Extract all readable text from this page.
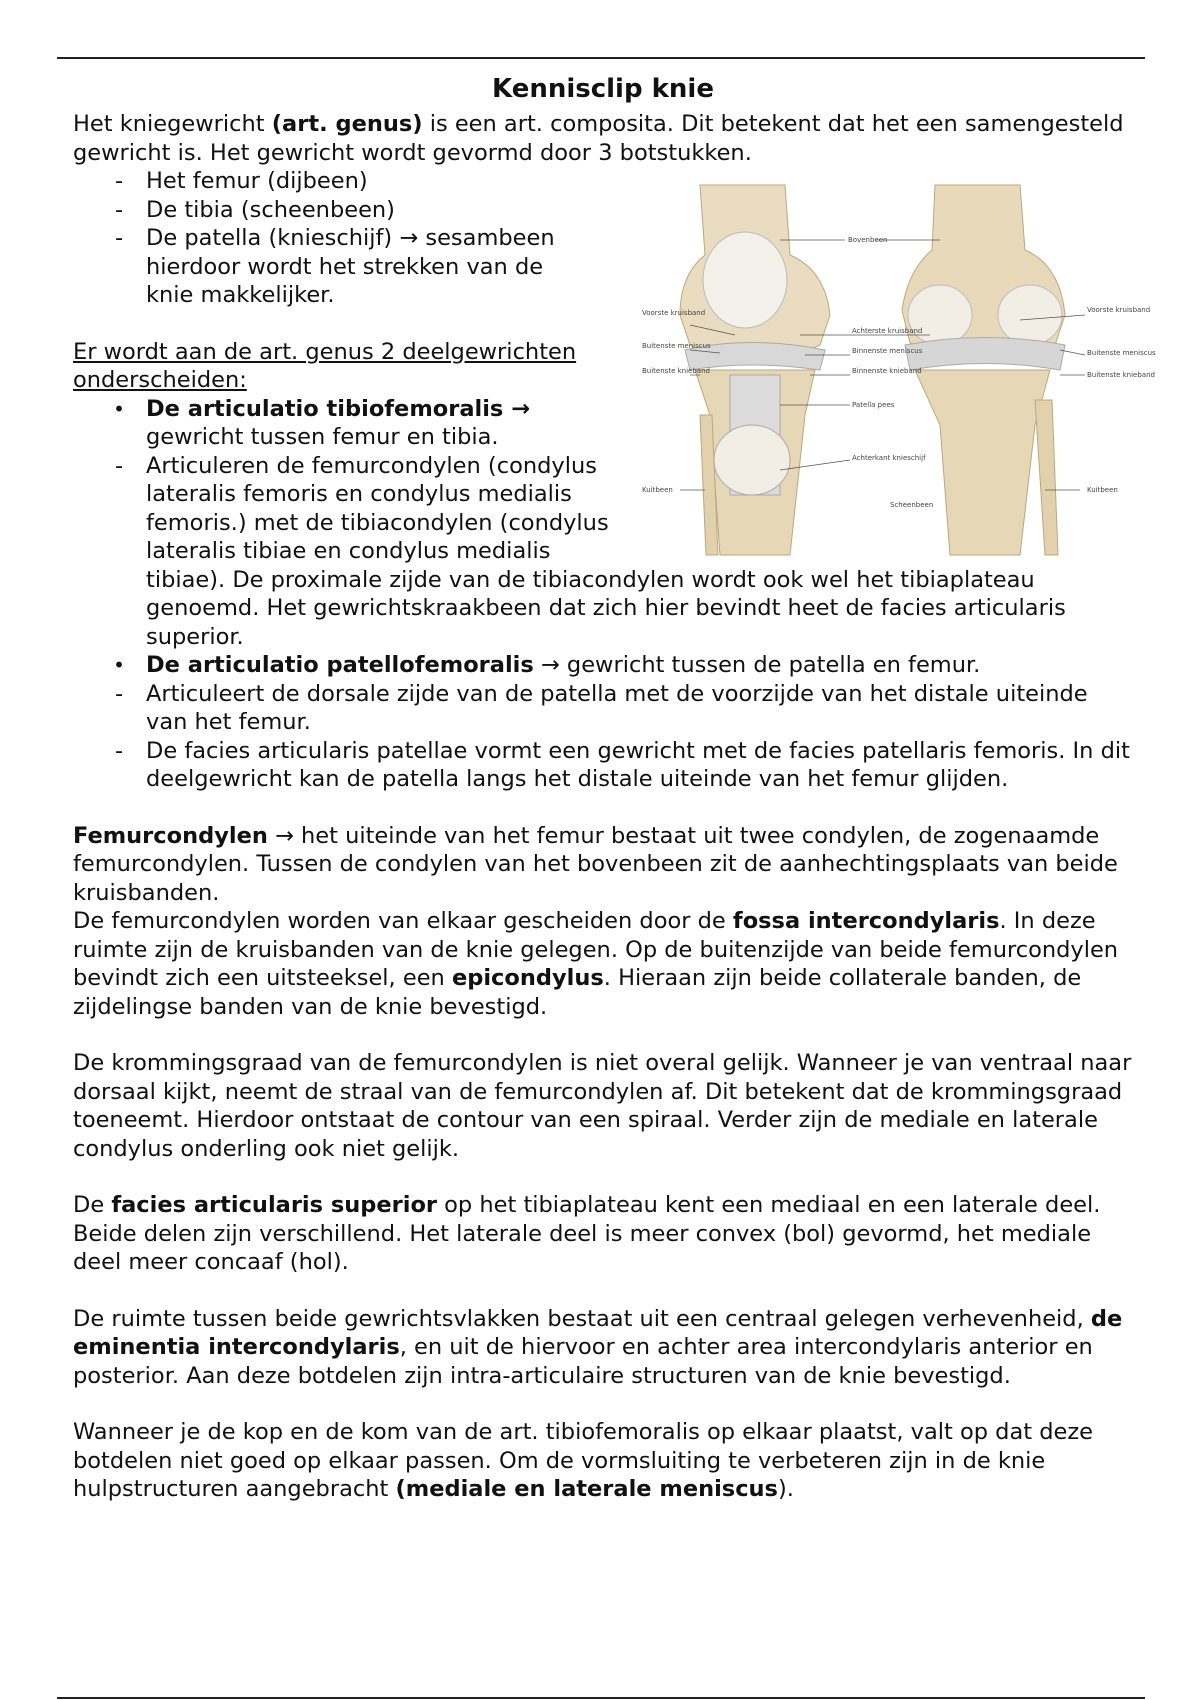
Kennisclip knie

Het kniegewricht (art. genus) is een art. composita. Dit betekent dat het een samengesteld gewricht is. Het gewricht wordt gevormd door 3 botstukken.

- Het femur (dijbeen)
- De tibia (scheenbeen)
- De patella (knieschijf) → sesambeen hierdoor wordt het strekken van de knie makkelijker.

Er wordt aan de art. genus 2 deelgewrichten onderscheiden:

• De articulatio tibiofemoralis → gewricht tussen femur en tibia.
- Articuleren de femurcondylen (condylus lateralis femoris en condylus medialis femoris.) met de tibiacondylen (condylus lateralis tibiae en condylus medialis tibiae). De proximale zijde van de tibiacondylen wordt ook wel het tibiaplateau genoemd. Het gewrichtskraakbeen dat zich hier bevindt heet de facies articularis superior.
• De articulatio patellofemoralis → gewricht tussen de patella en femur.
- Articuleert de dorsale zijde van de patella met de voorzijde van het distale uiteinde van het femur.
- De facies articularis patellae vormt een gewricht met de facies patellaris femoris. In dit deelgewricht kan de patella langs het distale uiteinde van het femur glijden.

Femurcondylen → het uiteinde van het femur bestaat uit twee condylen, de zogenaamde femurcondylen. Tussen de condylen van het bovenbeen zit de aanhechtingsplaats van beide kruisbanden.
De femurcondylen worden van elkaar gescheiden door de fossa intercondylaris. In deze ruimte zijn de kruisbanden van de knie gelegen. Op de buitenzijde van beide femurcondylen bevindt zich een uitsteeksel, een epicondylus. Hieraan zijn beide collaterale banden, de zijdelingse banden van de knie bevestigd.

De krommingsgraad van de femurcondylen is niet overal gelijk. Wanneer je van ventraal naar dorsaal kijkt, neemt de straal van de femurcondylen af. Dit betekent dat de krommingsgraad toeneemt. Hierdoor ontstaat de contour van een spiraal. Verder zijn de mediale en laterale condylus onderling ook niet gelijk.

De facies articularis superior op het tibiaplateau kent een mediaal en een laterale deel. Beide delen zijn verschillend. Het laterale deel is meer convex (bol) gevormd, het mediale deel meer concaaf (hol).

De ruimte tussen beide gewrichtsvlakken bestaat uit een centraal gelegen verhevenheid, de eminentia intercondylaris, en uit de hiervoor en achter area intercondylaris anterior en posterior. Aan deze botdelen zijn intra-articulaire structuren van de knie bevestigd.

Wanneer je de kop en de kom van de art. tibiofemoralis op elkaar plaatst, valt op dat deze botdelen niet goed op elkaar passen. Om de vormsluiting te verbeteren zijn in de knie hulpstructuren aangebracht (mediale en laterale meniscus).

Bovenbeen
Voorste kruisband
Buitenste meniscus
Buitenste knieband
Achterste kruisband
Binnenste meniscus
Binnenste knieband
Patella pees
Achterkant knieschijf
Kuitbeen
Scheenbeen
Voorste kruisband
Buitenste meniscus
Buitenste knieband
Kuitbeen
